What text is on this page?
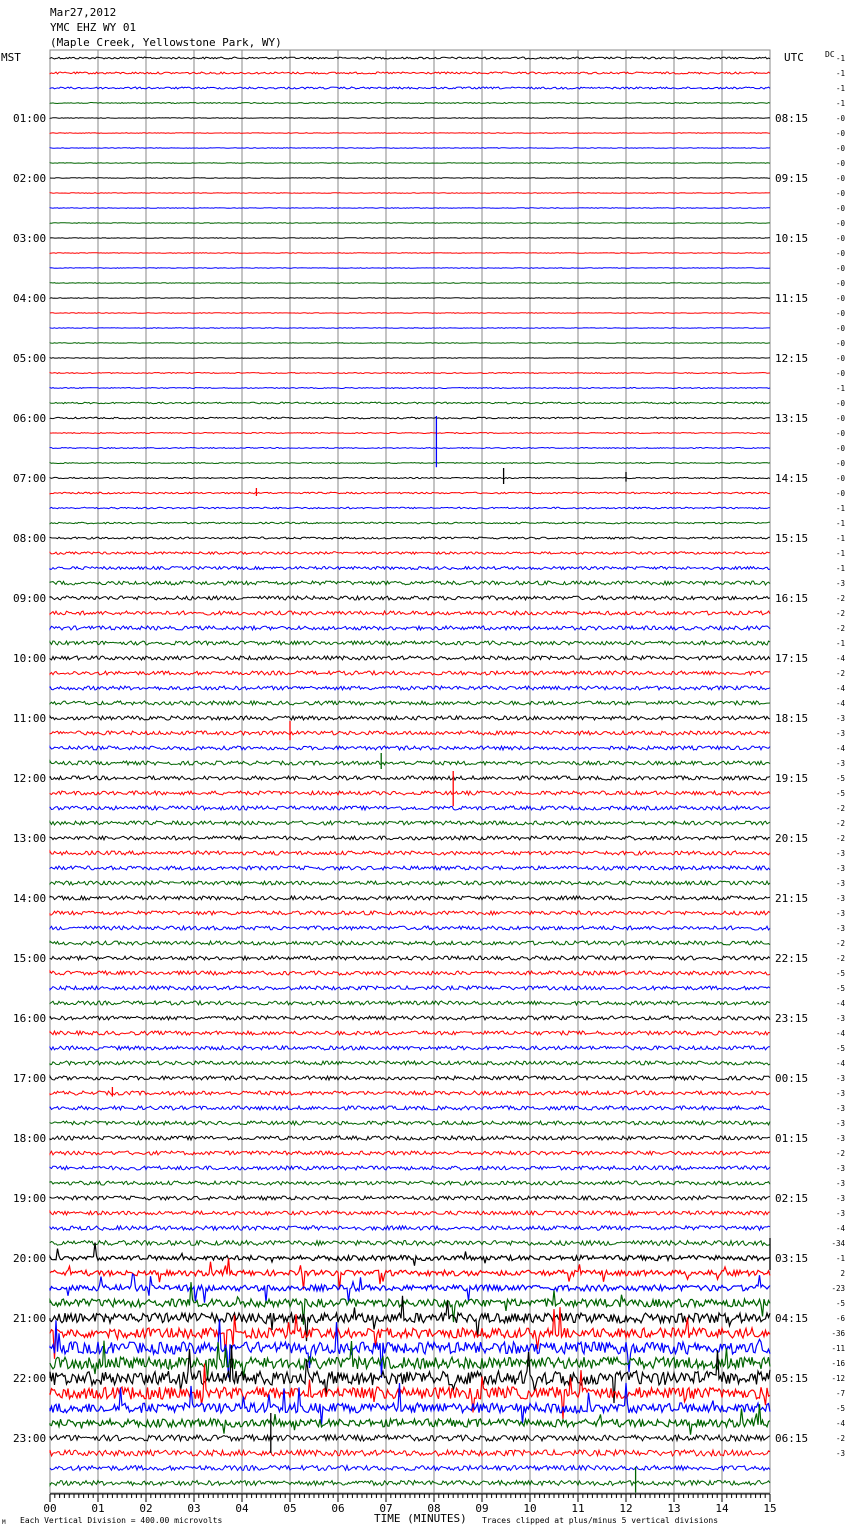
Mar27,2012
YMC EHZ WY 01
(Maple Creek, Yellowstone Park, WY)
MST	UTC	DC
01:00
02:00
03:00
04:00
05:00
06:00
07:00
08:00
09:00
10:00
11:00
12:00
13:00
14:00
15:00
16:00
17:00
18:00
19:00
20:00
21:00
22:00
23:00
08:15
09:15
10:15
11:15
12:15
13:15
14:15
15:15
16:15
17:15
18:15
19:15
20:15
21:15
22:15
23:15
00:15
01:15
02:15
03:15
04:15
05:15
06:15
-1
-1
-1
-1
-0
-0
-0
-0
-0
-0
-0
-0
-0
-0
-0
-0
-0
-0
-0
-0
-0
-0
-1
-0
-0
-0
-0
-0
-0
-0
-1
-1
-1
-1
-1
-3
-2
-2
-2
-1
-4
-2
-4
-4
-3
-3
-4
-3
-5
-5
-2
-2
-2
-3
-3
-3
-3
-3
-3
-2
-2
-5
-5
-4
-3
-4
-5
-4
-3
-3
-3
-3
-3
-2
-3
-3
-3
-3
-4
-34
-1
2
-23
-5
-6
-36
-11
-16
-12
-7
-5
-4
-2
-3
00	01	02	03	04	05	06	07	08	09	10	11	12	13	14	15
M Each Vertical Division = 400.00 microvolts	TIME (MINUTES) Traces clipped at plus/minus 5 vertical divisions
